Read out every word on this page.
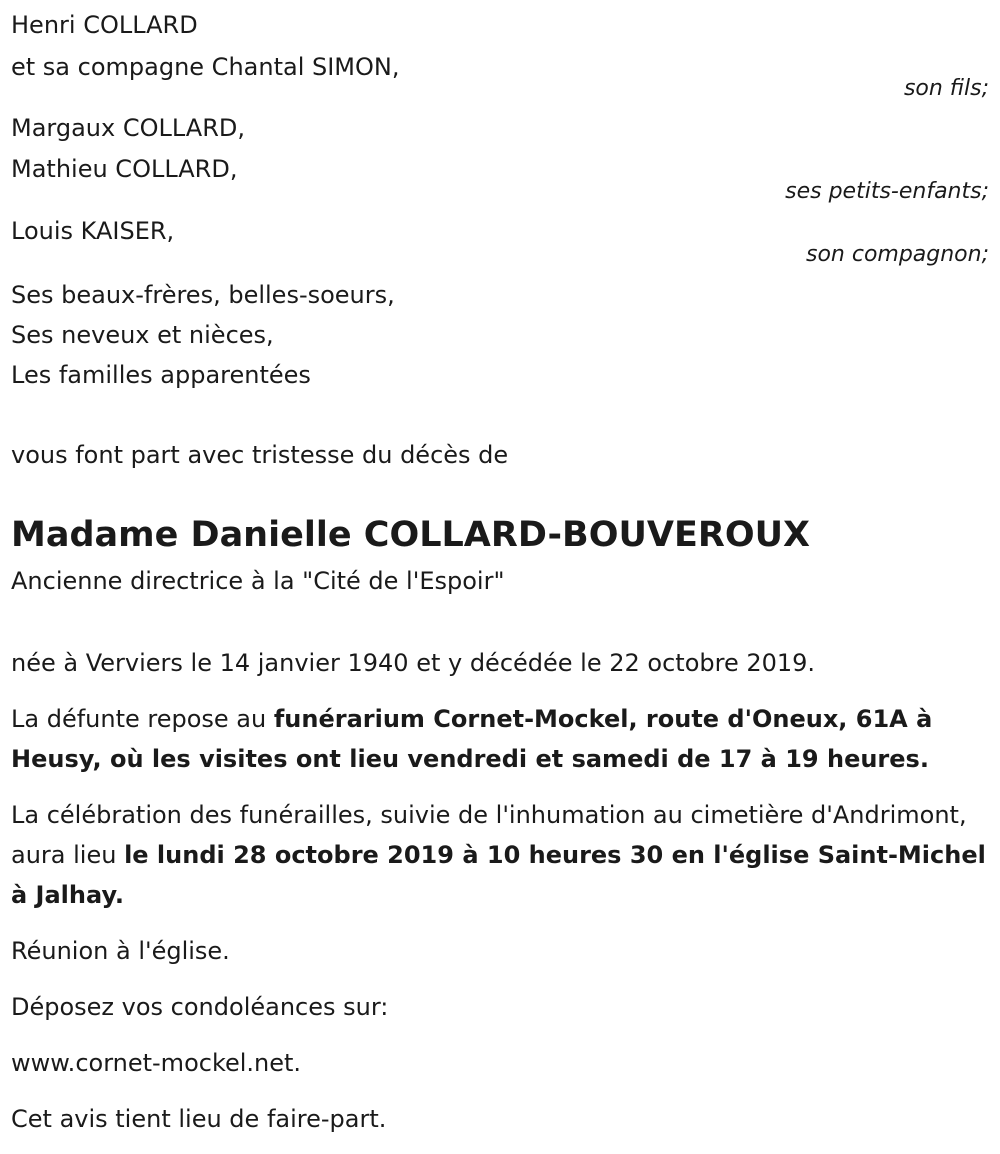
Henri COLLARD
et sa compagne Chantal SIMON,
son fils;
Margaux COLLARD,
Mathieu COLLARD,
ses petits-enfants;
Louis KAISER,
son compagnon;
Ses beaux-frères, belles-soeurs,
Ses neveux et nièces,
Les familles apparentées
vous font part avec tristesse du décès de
Madame Danielle COLLARD-BOUVEROUX
Ancienne directrice à la "Cité de l'Espoir"
née à Verviers le 14 janvier 1940 et y décédée le 22 octobre 2019.
La défunte repose au funérarium Cornet-Mockel, route d'Oneux, 61A à Heusy, où les visites ont lieu vendredi et samedi de 17 à 19 heures.
La célébration des funérailles, suivie de l'inhumation au cimetière d'Andrimont, aura lieu le lundi 28 octobre 2019 à 10 heures 30 en l'église Saint-Michel à Jalhay.
Réunion à l'église.
Déposez vos condoléances sur:
www.cornet-mockel.net.
Cet avis tient lieu de faire-part.
